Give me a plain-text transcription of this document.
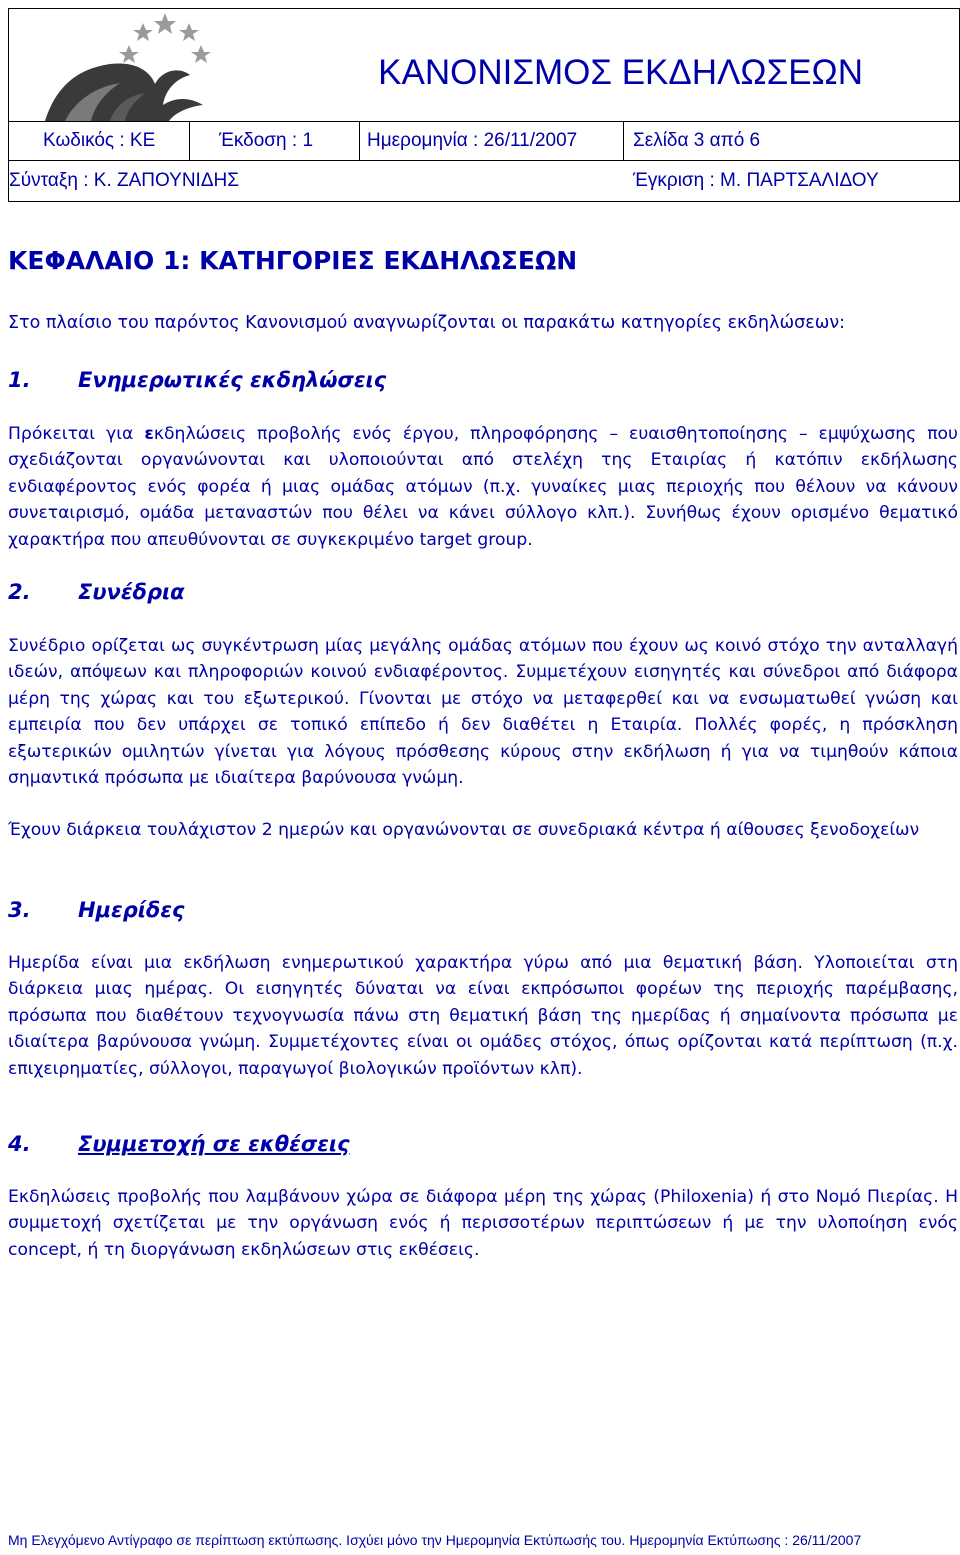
ΚΑΝΟΝΙΣΜΟΣ ΕΚΔΗΛΩΣΕΩΝ
Κωδικός : ΚΕ	Έκδοση : 1	Ημερομηνία : 26/11/2007	Σελίδα 3 από 6
Σύνταξη : Κ. ΖΑΠΟΥΝΙΔΗΣ	Έγκριση : Μ. ΠΑΡΤΣΑΛΙΔΟΥ
ΚΕΦΑΛΑΙΟ 1: ΚΑΤΗΓΟΡΙΕΣ ΕΚΔΗΛΩΣΕΩΝ
Στο πλαίσιο του παρόντος Κανονισμού αναγνωρίζονται οι παρακάτω κατηγορίες εκδηλώσεων:
1. Ενημερωτικές εκδηλώσεις
Πρόκειται για εκδηλώσεις προβολής ενός έργου, πληροφόρησης – ευαισθητοποίησης – εμψύχωσης που σχεδιάζονται οργανώνονται και υλοποιούνται από στελέχη της Εταιρίας ή κατόπιν εκδήλωσης ενδιαφέροντος ενός φορέα ή μιας ομάδας ατόμων (π.χ. γυναίκες μιας περιοχής που θέλουν να κάνουν συνεταιρισμό, ομάδα μεταναστών που θέλει να κάνει σύλλογο κλπ.). Συνήθως έχουν ορισμένο θεματικό χαρακτήρα που απευθύνονται σε συγκεκριμένο target group.
2. Συνέδρια
Συνέδριο ορίζεται ως συγκέντρωση μίας μεγάλης ομάδας ατόμων που έχουν ως κοινό στόχο την ανταλλαγή ιδεών, απόψεων και πληροφοριών κοινού ενδιαφέροντος. Συμμετέχουν εισηγητές και σύνεδροι από διάφορα μέρη της χώρας και του εξωτερικού. Γίνονται με στόχο να μεταφερθεί και να ενσωματωθεί γνώση και εμπειρία που δεν υπάρχει σε τοπικό επίπεδο ή δεν διαθέτει η Εταιρία. Πολλές φορές, η πρόσκληση εξωτερικών ομιλητών γίνεται για λόγους πρόσθεσης κύρους στην εκδήλωση ή για να τιμηθούν κάποια σημαντικά πρόσωπα με ιδιαίτερα βαρύνουσα γνώμη.
Έχουν διάρκεια τουλάχιστον 2 ημερών και οργανώνονται σε συνεδριακά κέντρα ή αίθουσες ξενοδοχείων
3. Ημερίδες
Ημερίδα είναι μια εκδήλωση ενημερωτικού χαρακτήρα γύρω από μια θεματική βάση. Υλοποιείται στη διάρκεια μιας ημέρας. Οι εισηγητές δύναται να είναι εκπρόσωποι φορέων της περιοχής παρέμβασης, πρόσωπα που διαθέτουν τεχνογνωσία πάνω στη θεματική βάση της ημερίδας ή σημαίνοντα πρόσωπα με ιδιαίτερα βαρύνουσα γνώμη. Συμμετέχοντες είναι οι ομάδες στόχος, όπως ορίζονται κατά περίπτωση (π.χ. επιχειρηματίες, σύλλογοι, παραγωγοί βιολογικών προϊόντων κλπ).
4. Συμμετοχή σε εκθέσεις
Εκδηλώσεις προβολής που λαμβάνουν χώρα σε διάφορα μέρη της χώρας (Philoxenia) ή στο Νομό Πιερίας. Η συμμετοχή σχετίζεται με την οργάνωση ενός ή περισσοτέρων περιπτώσεων ή με την υλοποίηση ενός concept, ή τη διοργάνωση εκδηλώσεων στις εκθέσεις.
Μη Ελεγχόμενο Αντίγραφο σε περίπτωση εκτύπωσης. Ισχύει μόνο την Ημερομηνία Εκτύπωσής του. Ημερομηνία Εκτύπωσης : 26/11/2007
